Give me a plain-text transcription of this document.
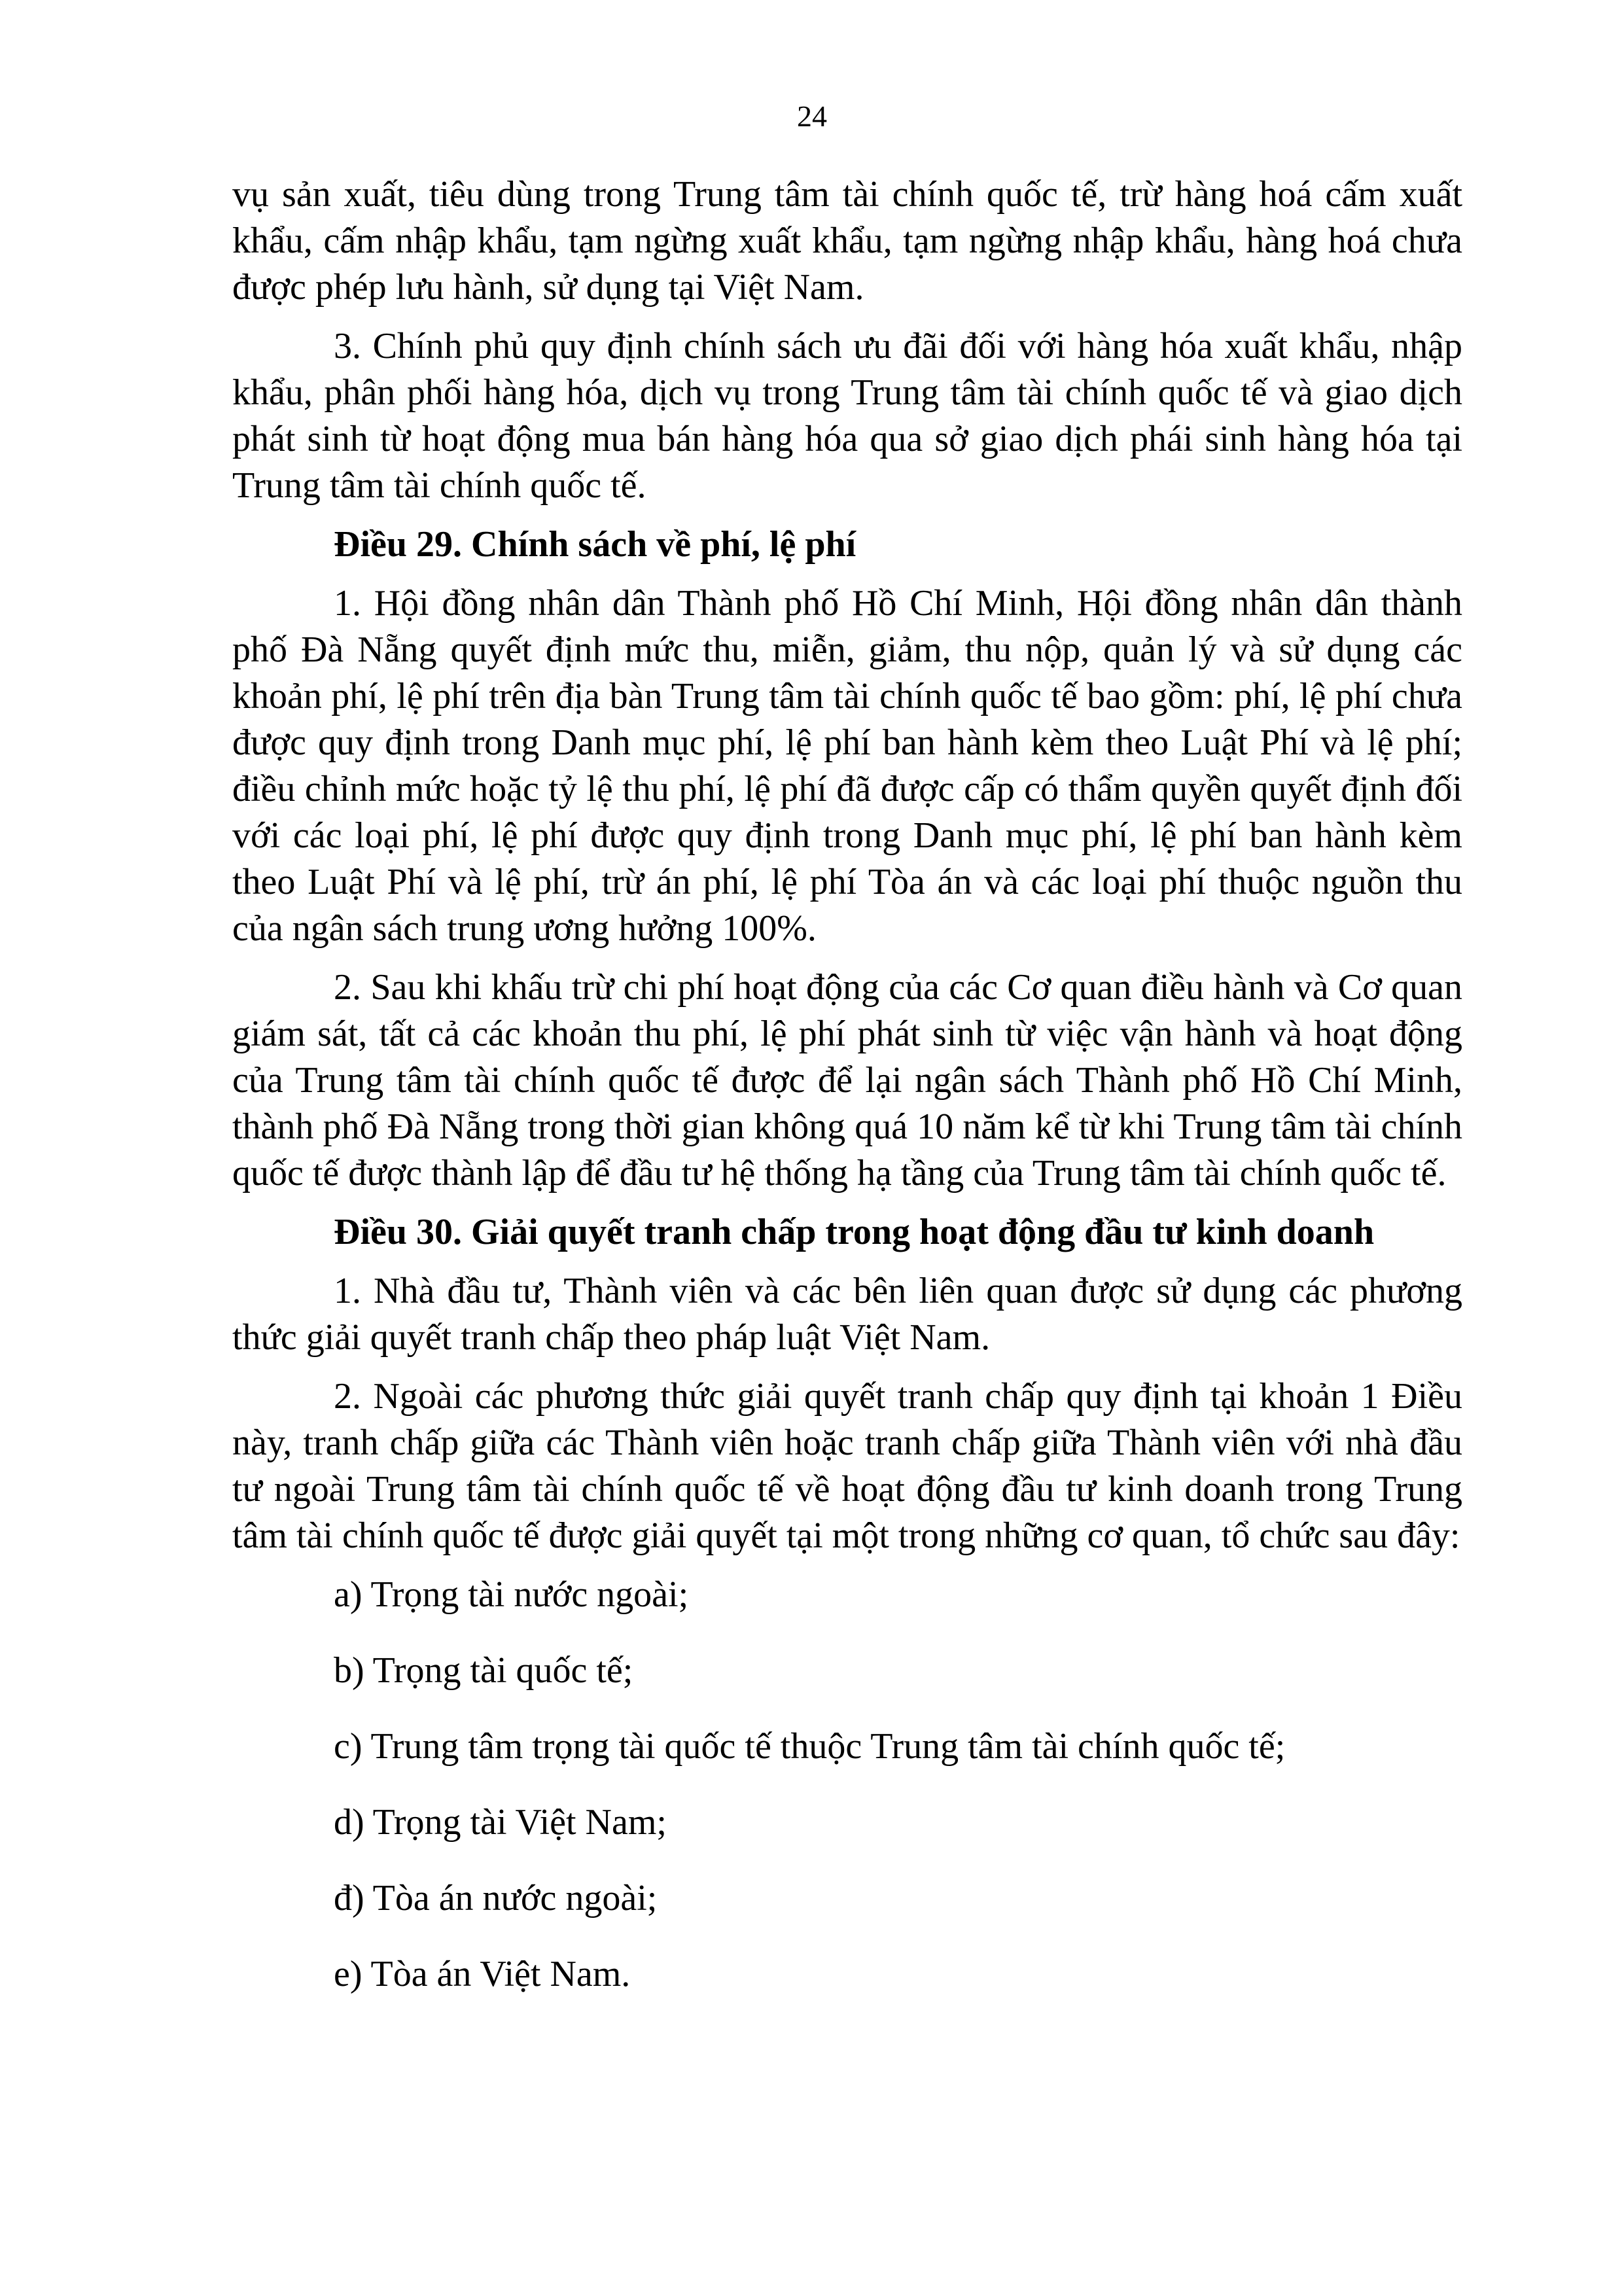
24

vụ sản xuất, tiêu dùng trong Trung tâm tài chính quốc tế, trừ hàng hoá cấm xuất khẩu, cấm nhập khẩu, tạm ngừng xuất khẩu, tạm ngừng nhập khẩu, hàng hoá chưa được phép lưu hành, sử dụng tại Việt Nam.

3. Chính phủ quy định chính sách ưu đãi đối với hàng hóa xuất khẩu, nhập khẩu, phân phối hàng hóa, dịch vụ trong Trung tâm tài chính quốc tế và giao dịch phát sinh từ hoạt động mua bán hàng hóa qua sở giao dịch phái sinh hàng hóa tại Trung tâm tài chính quốc tế.

Điều 29. Chính sách về phí, lệ phí

1. Hội đồng nhân dân Thành phố Hồ Chí Minh, Hội đồng nhân dân thành phố Đà Nẵng quyết định mức thu, miễn, giảm, thu nộp, quản lý và sử dụng các khoản phí, lệ phí trên địa bàn Trung tâm tài chính quốc tế bao gồm: phí, lệ phí chưa được quy định trong Danh mục phí, lệ phí ban hành kèm theo Luật Phí và lệ phí; điều chỉnh mức hoặc tỷ lệ thu phí, lệ phí đã được cấp có thẩm quyền quyết định đối với các loại phí, lệ phí được quy định trong Danh mục phí, lệ phí ban hành kèm theo Luật Phí và lệ phí, trừ án phí, lệ phí Tòa án và các loại phí thuộc nguồn thu của ngân sách trung ương hưởng 100%.

2. Sau khi khấu trừ chi phí hoạt động của các Cơ quan điều hành và Cơ quan giám sát, tất cả các khoản thu phí, lệ phí phát sinh từ việc vận hành và hoạt động của Trung tâm tài chính quốc tế được để lại ngân sách Thành phố Hồ Chí Minh, thành phố Đà Nẵng trong thời gian không quá 10 năm kể từ khi Trung tâm tài chính quốc tế được thành lập để đầu tư hệ thống hạ tầng của Trung tâm tài chính quốc tế.

Điều 30. Giải quyết tranh chấp trong hoạt động đầu tư kinh doanh

1. Nhà đầu tư, Thành viên và các bên liên quan được sử dụng các phương thức giải quyết tranh chấp theo pháp luật Việt Nam.

2. Ngoài các phương thức giải quyết tranh chấp quy định tại khoản 1 Điều này, tranh chấp giữa các Thành viên hoặc tranh chấp giữa Thành viên với nhà đầu tư ngoài Trung tâm tài chính quốc tế về hoạt động đầu tư kinh doanh trong Trung tâm tài chính quốc tế được giải quyết tại một trong những cơ quan, tổ chức sau đây:

a) Trọng tài nước ngoài;

b) Trọng tài quốc tế;

c) Trung tâm trọng tài quốc tế thuộc Trung tâm tài chính quốc tế;

d) Trọng tài Việt Nam;

đ) Tòa án nước ngoài;

e) Tòa án Việt Nam.
